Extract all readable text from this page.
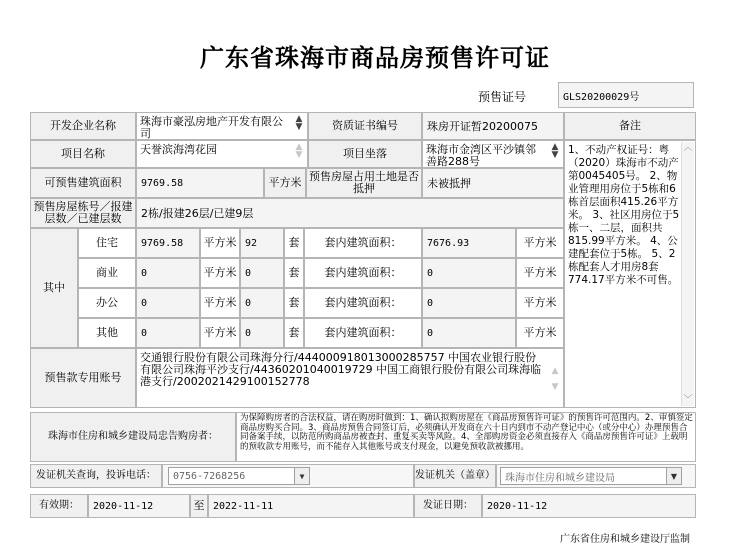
广东省珠海市商品房预售许可证
预售证号	GLS20200029号
开发企业名称	珠海市豪泓房地产开发有限公司
▲
▼	资质证书编号	珠房开证暂20200075	备注
1、不动产权证号：粤（2020）珠海市不动产第0045405号。 2、物业管理用房位于5栋和6栋首层面积415.26平方米。 3、社区用房位于5栋一、二层，面积共815.99平方米。 4、公建配套位于5栋。 5、2栋配套人才用房8套774.17平方米不可售。
︿
﹀
项目名称	天誉滨海湾花园	▲
▼	项目坐落	珠海市金湾区平沙镇邻善路288号
▲
▼
可预售建筑面积	9769.58	平方米 预售房屋占用土地是否抵押	未被抵押
预售房屋栋号／报建层数／已建层数	2栋/报建26层/已建9层
其中
住宅	9769.58	平方米 92	套	套内建筑面积：	7676.93	平方米
商业	0	平方米 0	套	套内建筑面积：	0	平方米
办公	0	平方米 0	套	套内建筑面积：	0	平方米
其他	0	平方米 0	套	套内建筑面积：	0	平方米
预售款专用账号
交通银行股份有限公司珠海分行/444000918013000285757 中国农业银行股份有限公司珠海平沙支行/44360201040019729 中国工商银行股份有限公司珠海临港支行/2002021429100152778
▲

▼
珠海市住房和城乡建设局忠告购房者：
为保障购房者的合法权益，请在购房时做到：1、确认拟购房屋在《商品房预售许可证》的预售许可范围内。2、审慎签定商品房购买合同。3、商品房预售合同签订后，必须确认开发商在六十日内到市不动产登记中心（或分中心）办理预售合同备案手续，以防范所购商品房被查封、重复买卖等风险。4、全部购房资金必须直接存入《商品房预售许可证》上载明的预收款专用账号，而不能存入其他账号或支付现金，以避免预收款被挪用。
发证机关查询，投诉电话：	0756-7268256	▼	发证机关（盖章） 珠海市住房和城乡建设局	▼
有效期：	2020-11-12	至 2022-11-11	发证日期：	2020-11-12
广东省住房和城乡建设厅监制
